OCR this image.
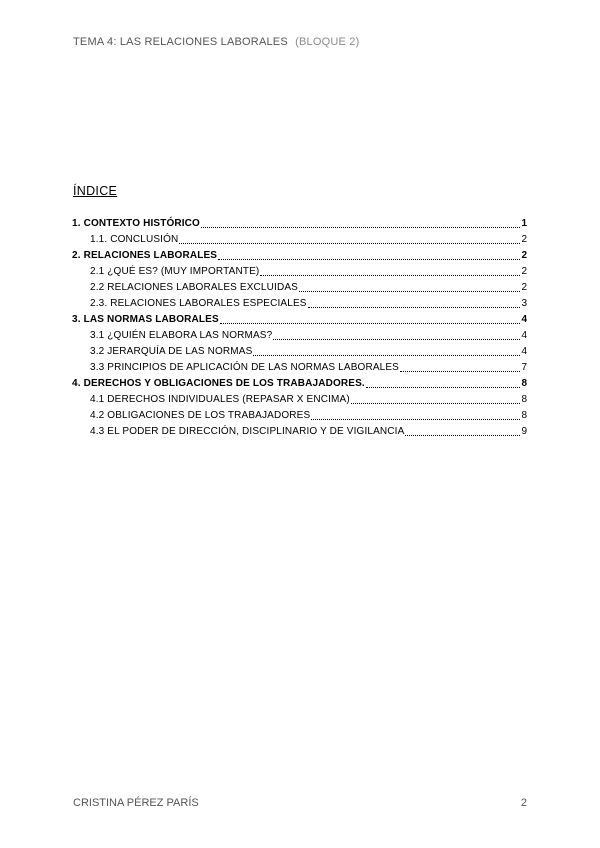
TEMA 4: LAS RELACIONES LABORALES (BLOQUE 2)
ÍNDICE
1. CONTEXTO HISTÓRICO	1
1.1. CONCLUSIÓN	2
2. RELACIONES LABORALES	2
2.1 ¿QUÉ ES? (MUY IMPORTANTE)	2
2.2 RELACIONES LABORALES EXCLUIDAS	2
2.3. RELACIONES LABORALES ESPECIALES	3
3. LAS NORMAS LABORALES	4
3.1 ¿QUIÉN ELABORA LAS NORMAS?	4
3.2 JERARQUÍA DE LAS NORMAS	4
3.3 PRINCIPIOS DE APLICACIÓN DE LAS NORMAS LABORALES	7
4. DERECHOS Y OBLIGACIONES DE LOS TRABAJADORES.	8
4.1 DERECHOS INDIVIDUALES (REPASAR X ENCIMA)	8
4.2 OBLIGACIONES DE LOS TRABAJADORES	8
4.3 EL PODER DE DIRECCIÓN, DISCIPLINARIO Y DE VIGILANCIA	9
CRISTINA PÉREZ PARÍS	2
